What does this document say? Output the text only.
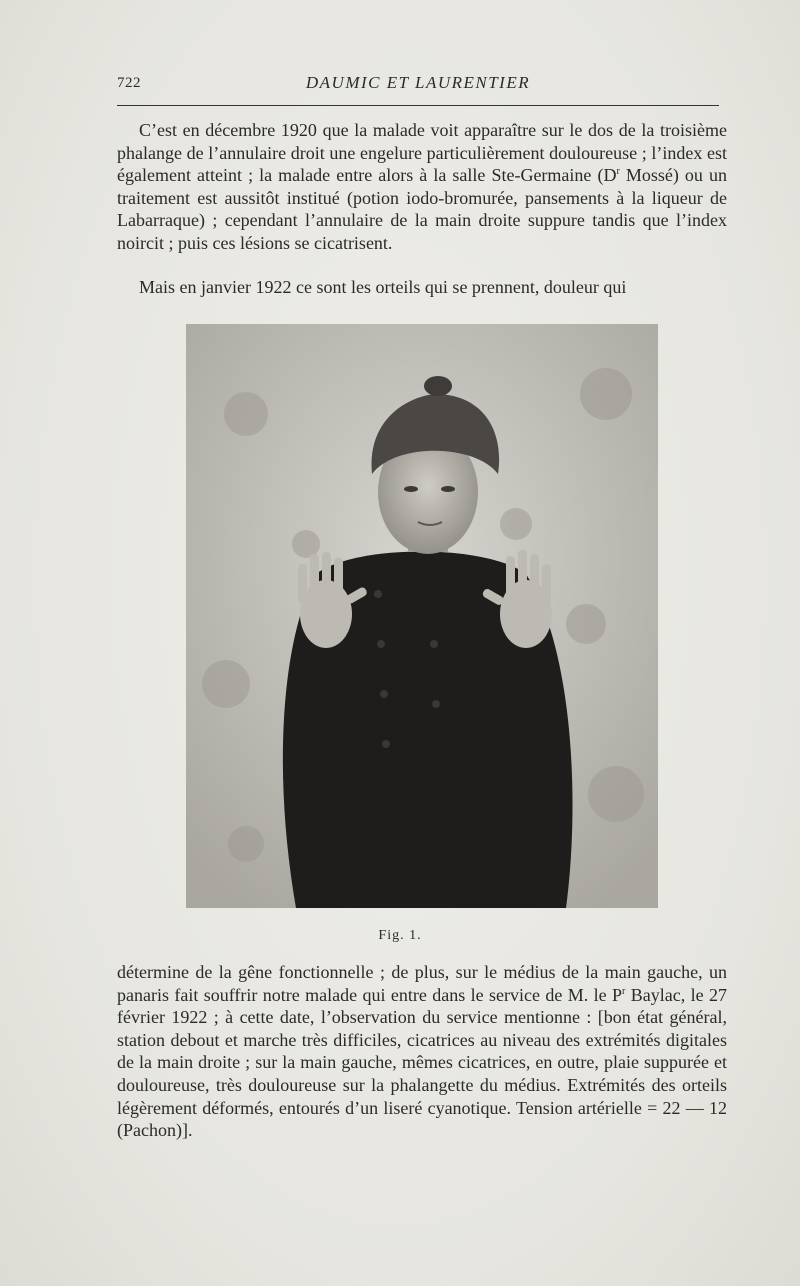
722	DAUMIC ET LAURENTIER

C’est en décembre 1920 que la malade voit apparaître sur le dos de la troisième phalange de l’annulaire droit une engelure particulièrement douloureuse ; l’index est également atteint ; la malade entre alors à la salle Ste-Germaine ($D^r$ Mossé) ou un traitement est aussitôt institué (potion iodo-bromurée, pansements à la liqueur de Labarraque) ; cependant l’annulaire de la main droite suppure tandis que l’index noircit ; puis ces lésions se cicatrisent.

Mais en janvier 1922 ce sont les orteils qui se prennent, douleur qui

Fig. 1.

détermine de la gêne fonctionnelle ; de plus, sur le médius de la main gauche, un panaris fait souffrir notre malade qui entre dans le service de M. le $P^r$ Baylac, le 27 février 1922 ; à cette date, l’observation du service mentionne : [bon état général, station debout et marche très difficiles, cicatrices au niveau des extrémités digitales de la main droite ; sur la main gauche, mêmes cicatrices, en outre, plaie suppurée et douloureuse, très douloureuse sur la phalangette du médius. Extrémités des orteils légèrement déformés, entourés d’un liseré cyanotique. Tension artérielle = 22 — 12 (Pachon)].
